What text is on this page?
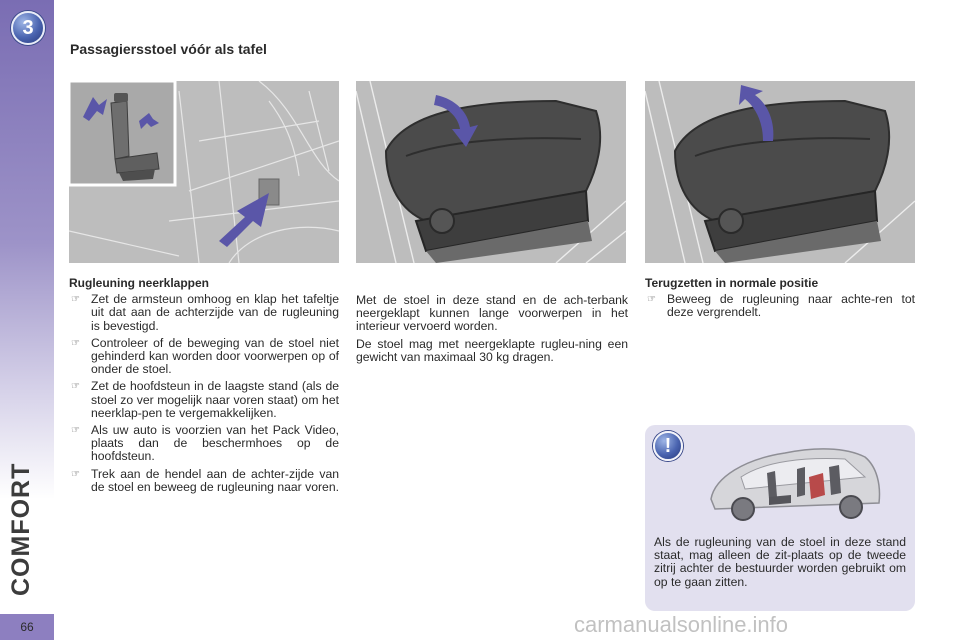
3
COMFORT
66
Passagiersstoel vóór als tafel
Rugleuning neerklappen
☞ Zet de armsteun omhoog en klap het tafeltje uit dat aan de achterzijde van de rugleuning is bevestigd.
☞ Controleer of de beweging van de stoel niet gehinderd kan worden door voorwerpen op of onder de stoel.
☞ Zet de hoofdsteun in de laagste stand (als de stoel zo ver mogelijk naar voren staat) om het neerklap-pen te vergemakkelijken.
☞ Als uw auto is voorzien van het Pack Video, plaats dan de beschermhoes op de hoofdsteun.
☞ Trek aan de hendel aan de achter-zijde van de stoel en beweeg de rugleuning naar voren.
Met de stoel in deze stand en de ach-terbank neergeklapt kunnen lange voorwerpen in het interieur vervoerd worden.
De stoel mag met neergeklapte rugleu-ning een gewicht van maximaal 30 kg dragen.
Terugzetten in normale positie
☞ Beweeg de rugleuning naar achte-ren tot deze vergrendelt.
!
Als de rugleuning van de stoel in deze stand staat, mag alleen de zit-plaats op de tweede zitrij achter de bestuurder worden gebruikt om op te gaan zitten.
carmanualsonline.info
